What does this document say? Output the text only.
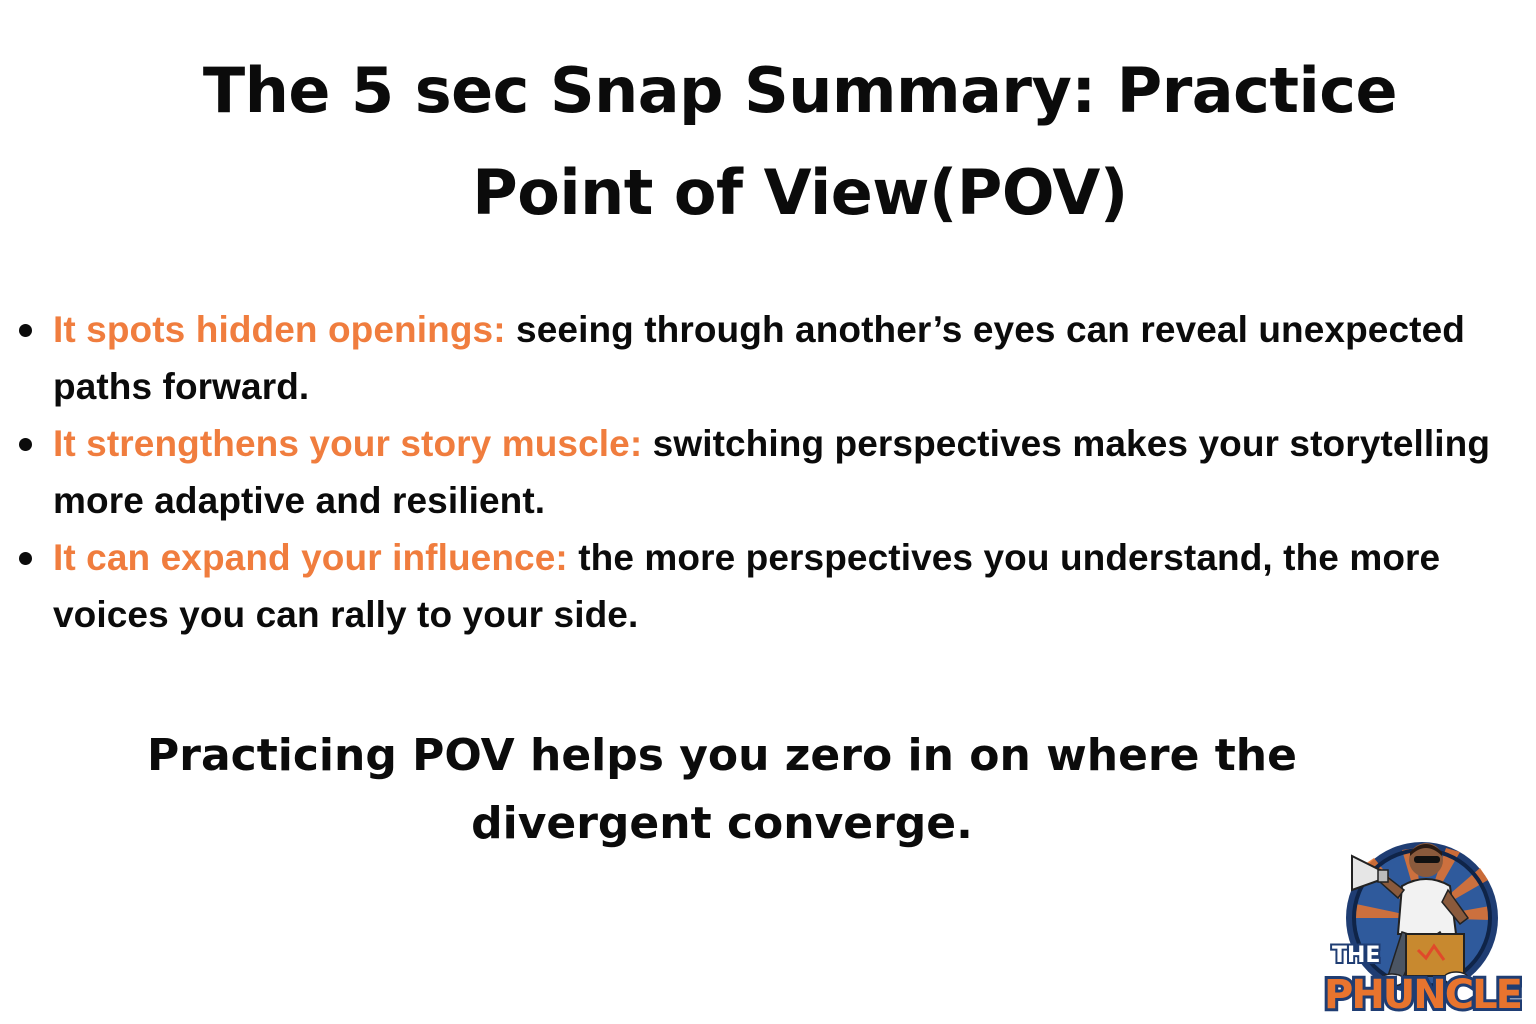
The 5 sec Snap Summary: Practice Point of View(POV)
It spots hidden openings: seeing through another’s eyes can reveal unexpected paths forward.
It strengthens your story muscle: switching perspectives makes your storytelling more adaptive and resilient.
It can expand your influence: the more perspectives you understand, the more voices you can rally to your side.

Practicing POV helps you zero in on where the divergent converge.

THE
PHUNCLE
